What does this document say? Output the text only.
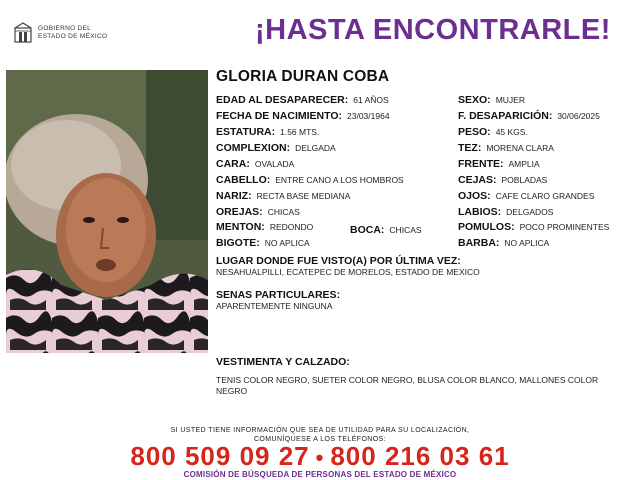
GOBIERNO DEL
ESTADO DE MÉXICO	¡HASTA ENCONTRARLE!
GLORIA DURAN COBA
EDAD AL DESAPARECER: 61 AÑOS
FECHA DE NACIMIENTO: 23/03/1964
ESTATURA: 1.56 MTS.
COMPLEXION: DELGADA
CARA: OVALADA
CABELLO: ENTRE CANO A LOS HOMBROS
NARIZ: RECTA BASE MEDIANA
OREJAS: CHICAS
MENTON: REDONDO	BOCA: CHICAS
BIGOTE: NO APLICA
SEXO: MUJER
F. DESAPARICIÓN: 30/06/2025
PESO: 45 KGS.
TEZ: MORENA CLARA
FRENTE: AMPLIA
CEJAS: POBLADAS
OJOS: CAFE CLARO GRANDES
LABIOS: DELGADOS
POMULOS: POCO PROMINENTES
BARBA: NO APLICA
LUGAR DONDE FUE VISTO(A) POR ÚLTIMA VEZ:
NESAHUALPILLI, ECATEPEC DE MORELOS, ESTADO DE MEXICO
SENAS PARTICULARES:
APARENTEMENTE NINGUNA
VESTIMENTA Y CALZADO:
TENIS COLOR NEGRO, SUETER COLOR NEGRO, BLUSA COLOR BLANCO, MALLONES COLOR NEGRO
SI USTED TIENE INFORMACIÓN QUE SEA DE UTILIDAD PARA SU LOCALIZACIÓN,
COMUNÍQUESE A LOS TELÉFONOS:
800 509 09 27 • 800 216 03 61
COMISIÓN DE BÚSQUEDA DE PERSONAS DEL ESTADO DE MÉXICO
